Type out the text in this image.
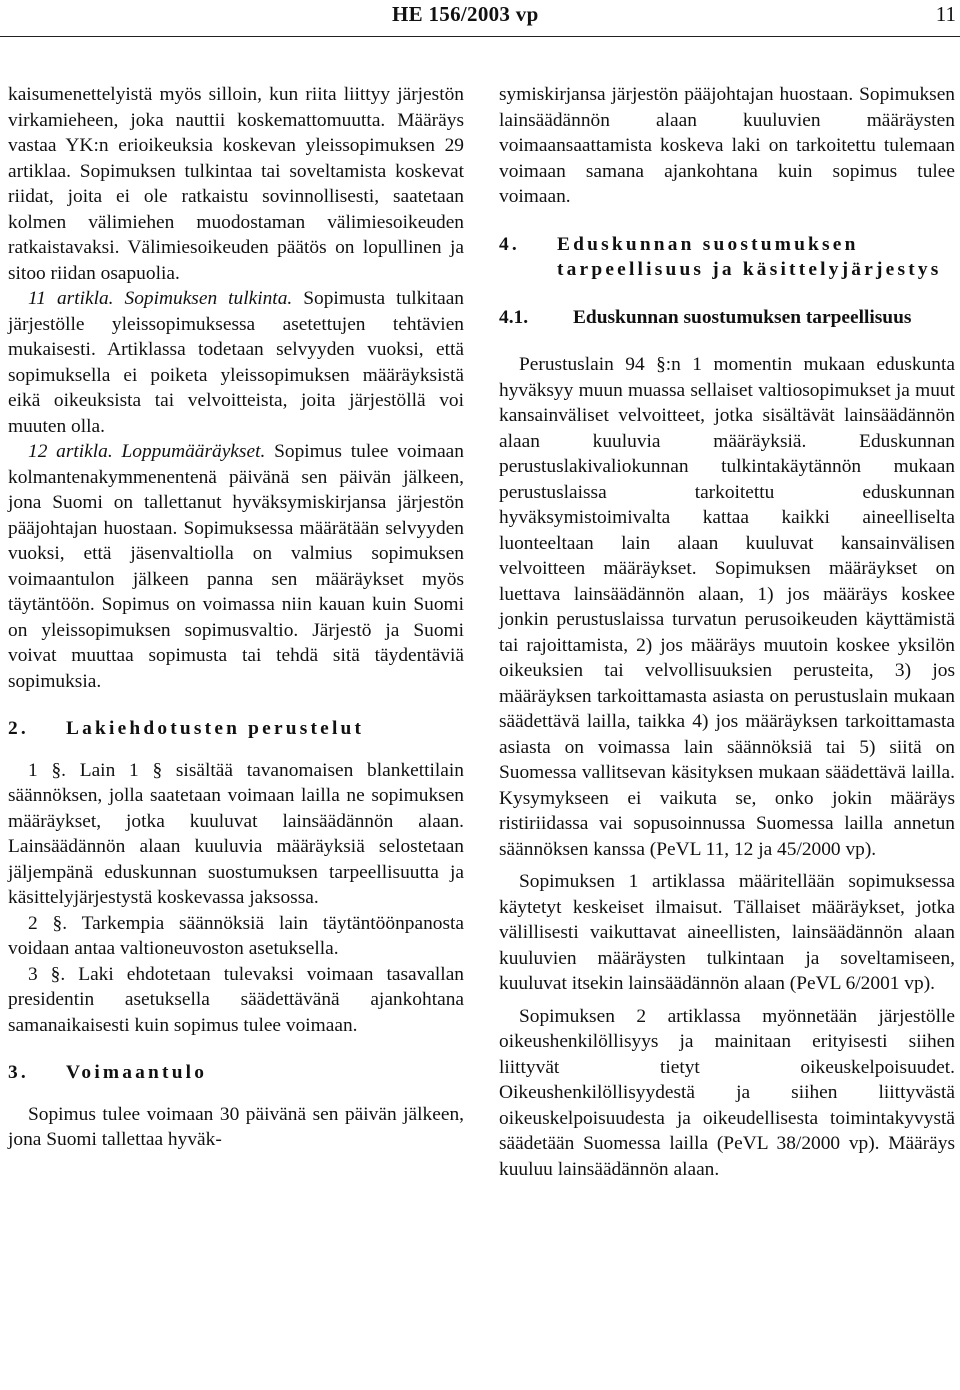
HE 156/2003 vp	11

kaisumenettelyistä myös silloin, kun riita liittyy järjestön virkamieheen, joka nauttii koskemattomuutta. Määräys vastaa YK:n erioikeuksia koskevan yleissopimuksen 29 artiklaa. Sopimuksen tulkintaa tai soveltamista koskevat riidat, joita ei ole ratkaistu sovinnollisesti, saatetaan kolmen välimiehen muodostaman välimiesoikeuden ratkaistavaksi. Välimiesoikeuden päätös on lopullinen ja sitoo riidan osapuolia.

11 artikla. Sopimuksen tulkinta. Sopimusta tulkitaan järjestölle yleissopimuksessa asetettujen tehtävien mukaisesti. Artiklassa todetaan selvyyden vuoksi, että sopimuksella ei poiketa yleissopimuksen määräyksistä eikä oikeuksista tai velvoitteista, joita järjestöllä voi muuten olla.

12 artikla. Loppumääräykset. Sopimus tulee voimaan kolmantenakymmenentenä päivänä sen päivän jälkeen, jona Suomi on tallettanut hyväksymiskirjansa järjestön pääjohtajan huostaan. Sopimuksessa määrätään selvyyden vuoksi, että jäsenvaltiolla on valmius sopimuksen voimaantulon jälkeen panna sen määräykset myös täytäntöön. Sopimus on voimassa niin kauan kuin Suomi on yleissopimuksen sopimusvaltio. Järjestö ja Suomi voivat muuttaa sopimusta tai tehdä sitä täydentäviä sopimuksia.

2.	Lakiehdotusten perustelut

1 §. Lain 1 § sisältää tavanomaisen blankettilain säännöksen, jolla saatetaan voimaan lailla ne sopimuksen määräykset, jotka kuuluvat lainsäädännön alaan. Lainsäädännön alaan kuuluvia määräyksiä selostetaan jäljempänä eduskunnan suostumuksen tarpeellisuutta ja käsittelyjärjestystä koskevassa jaksossa.

2 §. Tarkempia säännöksiä lain täytäntöönpanosta voidaan antaa valtioneuvoston asetuksella.

3 §. Laki ehdotetaan tulevaksi voimaan tasavallan presidentin asetuksella säädettävänä ajankohtana samanaikaisesti kuin sopimus tulee voimaan.

3.	Voimaantulo

Sopimus tulee voimaan 30 päivänä sen päivän jälkeen, jona Suomi tallettaa hyväk-

symiskirjansa järjestön pääjohtajan huostaan. Sopimuksen lainsäädännön alaan kuuluvien määräysten voimaansaattamista koskeva laki on tarkoitettu tulemaan voimaan samana ajankohtana kuin sopimus tulee voimaan.

4.	Eduskunnan suostumuksen tarpeellisuus ja käsittelyjärjestys
4.1.	Eduskunnan suostumuksen tarpeellisuus

Perustuslain 94 §:n 1 momentin mukaan eduskunta hyväksyy muun muassa sellaiset valtiosopimukset ja muut kansainväliset velvoitteet, jotka sisältävät lainsäädännön alaan kuuluvia määräyksiä. Eduskunnan perustuslakivaliokunnan tulkintakäytännön mukaan perustuslaissa tarkoitettu eduskunnan hyväksymistoimivalta kattaa kaikki aineelliselta luonteeltaan lain alaan kuuluvat kansainvälisen velvoitteen määräykset. Sopimuksen määräykset on luettava lainsäädännön alaan, 1) jos määräys koskee jonkin perustuslaissa turvatun perusoikeuden käyttämistä tai rajoittamista, 2) jos määräys muutoin koskee yksilön oikeuksien tai velvollisuuksien perusteita, 3) jos määräyksen tarkoittamasta asiasta on perustuslain mukaan säädettävä lailla, taikka 4) jos määräyksen tarkoittamasta asiasta on voimassa lain säännöksiä tai 5) siitä on Suomessa vallitsevan käsityksen mukaan säädettävä lailla. Kysymykseen ei vaikuta se, onko jokin määräys ristiriidassa vai sopusoinnussa Suomessa lailla annetun säännöksen kanssa (PeVL 11, 12 ja 45/2000 vp).

Sopimuksen 1 artiklassa määritellään sopimuksessa käytetyt keskeiset ilmaisut. Tällaiset määräykset, jotka välillisesti vaikuttavat aineellisten, lainsäädännön alaan kuuluvien määräysten tulkintaan ja soveltamiseen, kuuluvat itsekin lainsäädännön alaan (PeVL 6/2001 vp).

Sopimuksen 2 artiklassa myönnetään järjestölle oikeushenkilöllisyys ja mainitaan erityisesti siihen liittyvät tietyt oikeuskelpoisuudet. Oikeushenkilöllisyydestä ja siihen liittyvästä oikeuskelpoisuudesta ja oikeudellisesta toimintakyvystä säädetään Suomessa lailla (PeVL 38/2000 vp). Määräys kuuluu lainsäädännön alaan.
